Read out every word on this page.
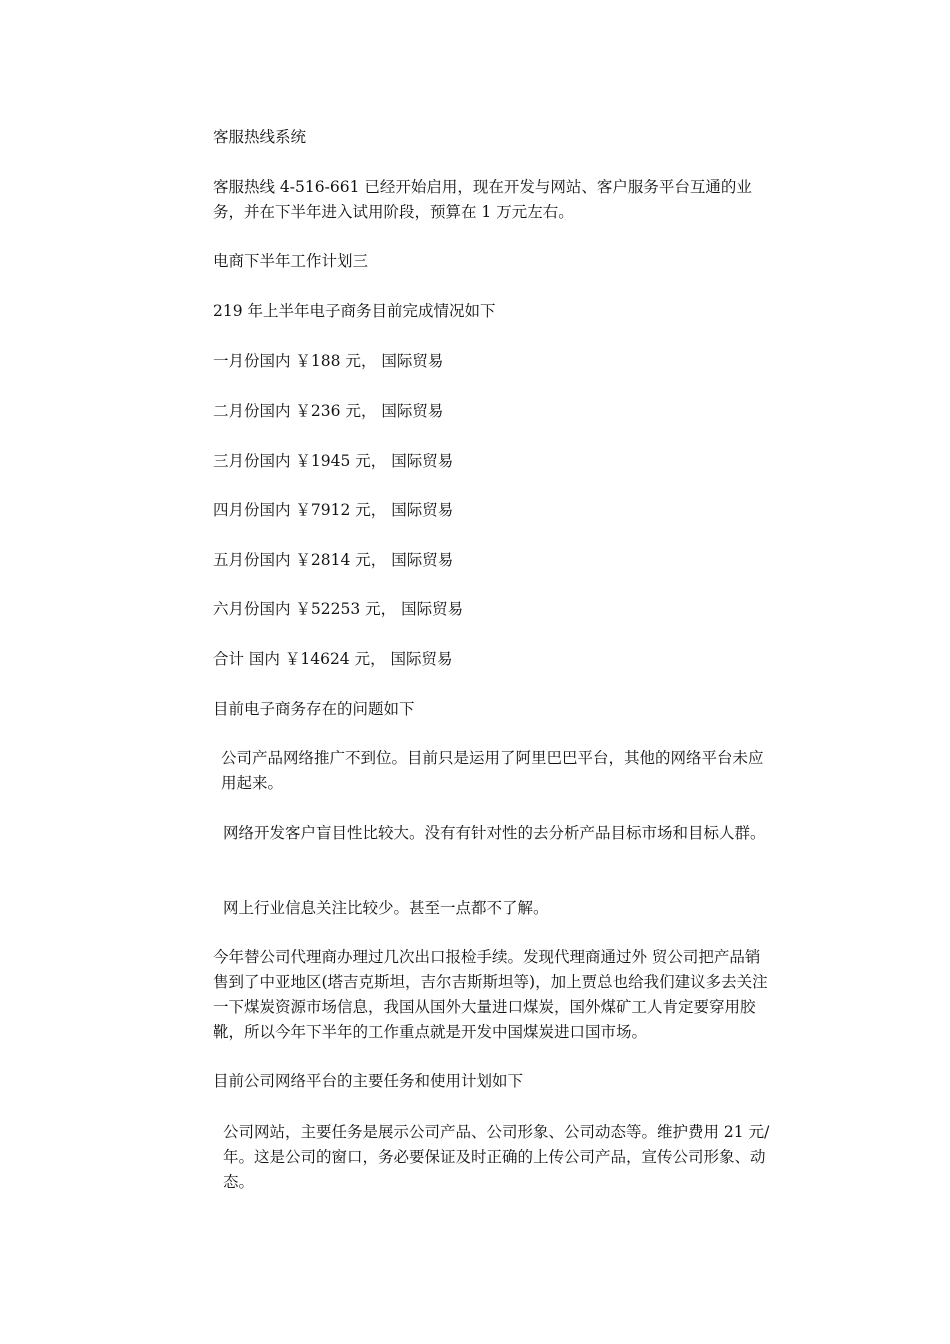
客服热线系统

客服热线 4-516-661 已经开始启用，现在开发与网站、客户服务平台互通的业务，并在下半年进入试用阶段，预算在 1 万元左右。

电商下半年工作计划三

219 年上半年电子商务目前完成情况如下

一月份国内 ￥188 元， 国际贸易

二月份国内 ￥236 元， 国际贸易

三月份国内 ￥1945 元， 国际贸易

四月份国内 ￥7912 元， 国际贸易

五月份国内 ￥2814 元， 国际贸易

六月份国内 ￥52253 元， 国际贸易

合计 国内 ￥14624 元， 国际贸易

目前电子商务存在的问题如下

公司产品网络推广不到位。目前只是运用了阿里巴巴平台，其他的网络平台未应用起来。

网络开发客户盲目性比较大。没有有针对性的去分析产品目标市场和目标人群。

网上行业信息关注比较少。甚至一点都不了解。

今年替公司代理商办理过几次出口报检手续。发现代理商通过外 贸公司把产品销售到了中亚地区(塔吉克斯坦，吉尔吉斯斯坦等)，加上贾总也给我们建议多去关注一下煤炭资源市场信息，我国从国外大量进口煤炭，国外煤矿工人肯定要穿用胶靴，所以今年下半年的工作重点就是开发中国煤炭进口国市场。

目前公司网络平台的主要任务和使用计划如下

公司网站，主要任务是展示公司产品、公司形象、公司动态等。维护费用 21 元/年。这是公司的窗口，务必要保证及时正确的上传公司产品，宣传公司形象、动态。
